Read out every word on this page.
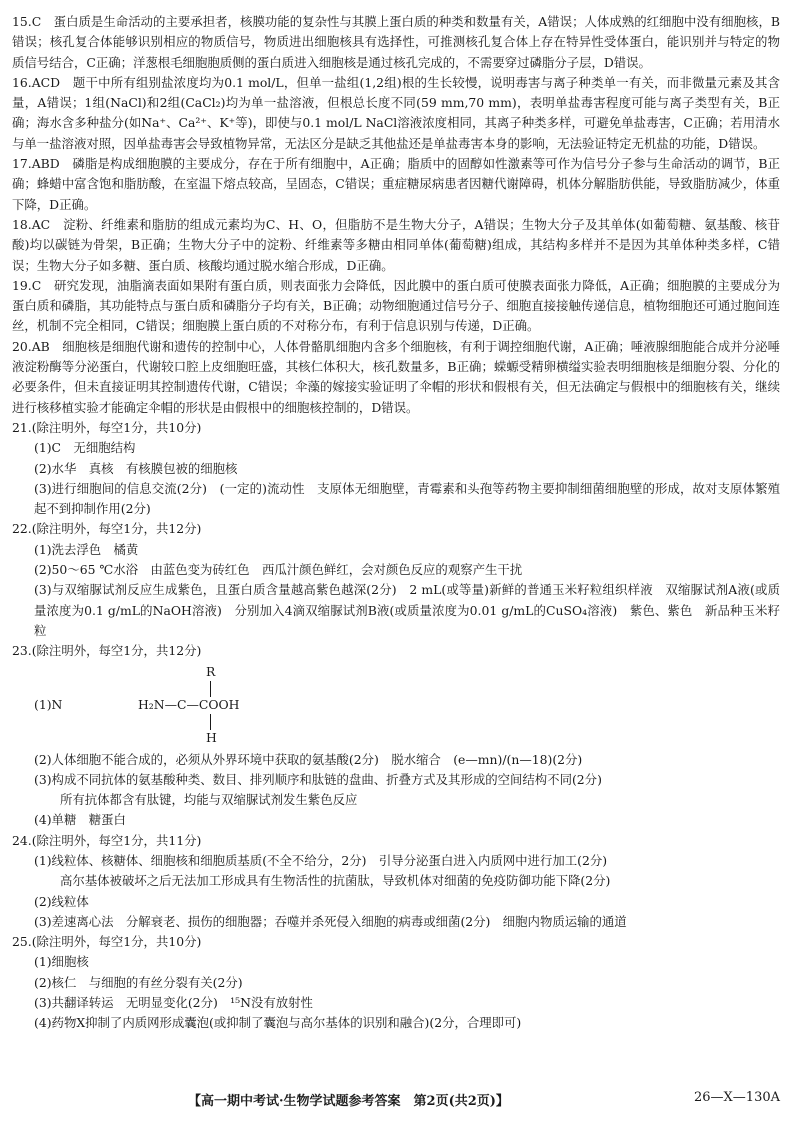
15.C　蛋白质是生命活动的主要承担者，核膜功能的复杂性与其膜上蛋白质的种类和数量有关，A错误；人体成熟的红细胞中没有细胞核，B错误；核孔复合体能够识别相应的物质信号，物质进出细胞核具有选择性，可推测核孔复合体上存在特异性受体蛋白，能识别并与特定的物质信号结合，C正确；洋葱根毛细胞胞质侧的蛋白质进入细胞核是通过核孔完成的，不需要穿过磷脂分子层，D错误。

16.ACD　题干中所有组别盐浓度均为0.1 mol/L，但单一盐组(1,2组)根的生长较慢，说明毒害与离子种类单一有关，而非微量元素及其含量，A错误；1组(NaCl)和2组(CaCl₂)均为单一盐溶液，但根总长度不同(59 mm,70 mm)，表明单盐毒害程度可能与离子类型有关，B正确；海水含多种盐分(如Na⁺、Ca²⁺、K⁺等)，即使与0.1 mol/L NaCl溶液浓度相同，其离子种类多样，可避免单盐毒害，C正确；若用清水与单一盐溶液对照，因单盐毒害会导致植物异常，无法区分是缺乏其他盐还是单盐毒害本身的影响，无法验证特定无机盐的功能，D错误。

17.ABD　磷脂是构成细胞膜的主要成分，存在于所有细胞中，A正确；脂质中的固醇如性激素等可作为信号分子参与生命活动的调节，B正确；蜂蜡中富含饱和脂肪酸，在室温下熔点较高，呈固态，C错误；重症糖尿病患者因糖代谢障碍，机体分解脂肪供能，导致脂肪减少，体重下降，D正确。

18.AC　淀粉、纤维素和脂肪的组成元素均为C、H、O，但脂肪不是生物大分子，A错误；生物大分子及其单体(如葡萄糖、氨基酸、核苷酸)均以碳链为骨架，B正确；生物大分子中的淀粉、纤维素等多糖由相同单体(葡萄糖)组成，其结构多样并不是因为其单体种类多样，C错误；生物大分子如多糖、蛋白质、核酸均通过脱水缩合形成，D正确。

19.C　研究发现，油脂滴表面如果附有蛋白质，则表面张力会降低，因此膜中的蛋白质可使膜表面张力降低，A正确；细胞膜的主要成分为蛋白质和磷脂，其功能特点与蛋白质和磷脂分子均有关，B正确；动物细胞通过信号分子、细胞直接接触传递信息，植物细胞还可通过胞间连丝，机制不完全相同，C错误；细胞膜上蛋白质的不对称分布，有利于信息识别与传递，D正确。

20.AB　细胞核是细胞代谢和遗传的控制中心，人体骨骼肌细胞内含多个细胞核，有利于调控细胞代谢，A正确；唾液腺细胞能合成并分泌唾液淀粉酶等分泌蛋白，代谢较口腔上皮细胞旺盛，其核仁体积大，核孔数量多，B正确；蝾螈受精卵横缢实验表明细胞核是细胞分裂、分化的必要条件，但未直接证明其控制遗传代谢，C错误；伞藻的嫁接实验证明了伞帽的形状和假根有关，但无法确定与假根中的细胞核有关，继续进行核移植实验才能确定伞帽的形状是由假根中的细胞核控制的，D错误。

21.(除注明外，每空1分，共10分)

(1)C　无细胞结构

(2)水华　真核　有核膜包被的细胞核

(3)进行细胞间的信息交流(2分)　(一定的)流动性　支原体无细胞壁，青霉素和头孢等药物主要抑制细菌细胞壁的形成，故对支原体繁殖起不到抑制作用(2分)

22.(除注明外，每空1分，共12分)

(1)洗去浮色　橘黄

(2)50～65 ℃水浴　由蓝色变为砖红色　西瓜汁颜色鲜红，会对颜色反应的观察产生干扰

(3)与双缩脲试剂反应生成紫色，且蛋白质含量越高紫色越深(2分)　2 mL(或等量)新鲜的普通玉米籽粒组织样液　双缩脲试剂A液(或质量浓度为0.1 g/mL的NaOH溶液)　分别加入4滴双缩脲试剂B液(或质量浓度为0.01 g/mL的CuSO₄溶液)　紫色、紫色　新品种玉米籽粒

23.(除注明外，每空1分，共12分)

(1)N
R
H₂N—C—COOH
H

(2)人体细胞不能合成的，必须从外界环境中获取的氨基酸(2分)　脱水缩合　(e—mn)/(n—18)(2分)

(3)构成不同抗体的氨基酸种类、数目、排列顺序和肽链的盘曲、折叠方式及其形成的空间结构不同(2分)

所有抗体都含有肽键，均能与双缩脲试剂发生紫色反应

(4)单糖　糖蛋白

24.(除注明外，每空1分，共11分)

(1)线粒体、核糖体、细胞核和细胞质基质(不全不给分，2分)　引导分泌蛋白进入内质网中进行加工(2分)

高尔基体被破坏之后无法加工形成具有生物活性的抗菌肽，导致机体对细菌的免疫防御功能下降(2分)

(2)线粒体

(3)差速离心法　分解衰老、损伤的细胞器；吞噬并杀死侵入细胞的病毒或细菌(2分)　细胞内物质运输的通道

25.(除注明外，每空1分，共10分)

(1)细胞核

(2)核仁　与细胞的有丝分裂有关(2分)

(3)共翻译转运　无明显变化(2分)　¹⁵N没有放射性

(4)药物X抑制了内质网形成囊泡(或抑制了囊泡与高尔基体的识别和融合)(2分，合理即可)

【高一期中考试·生物学试题参考答案　第2页(共2页)】	26—X—130A
